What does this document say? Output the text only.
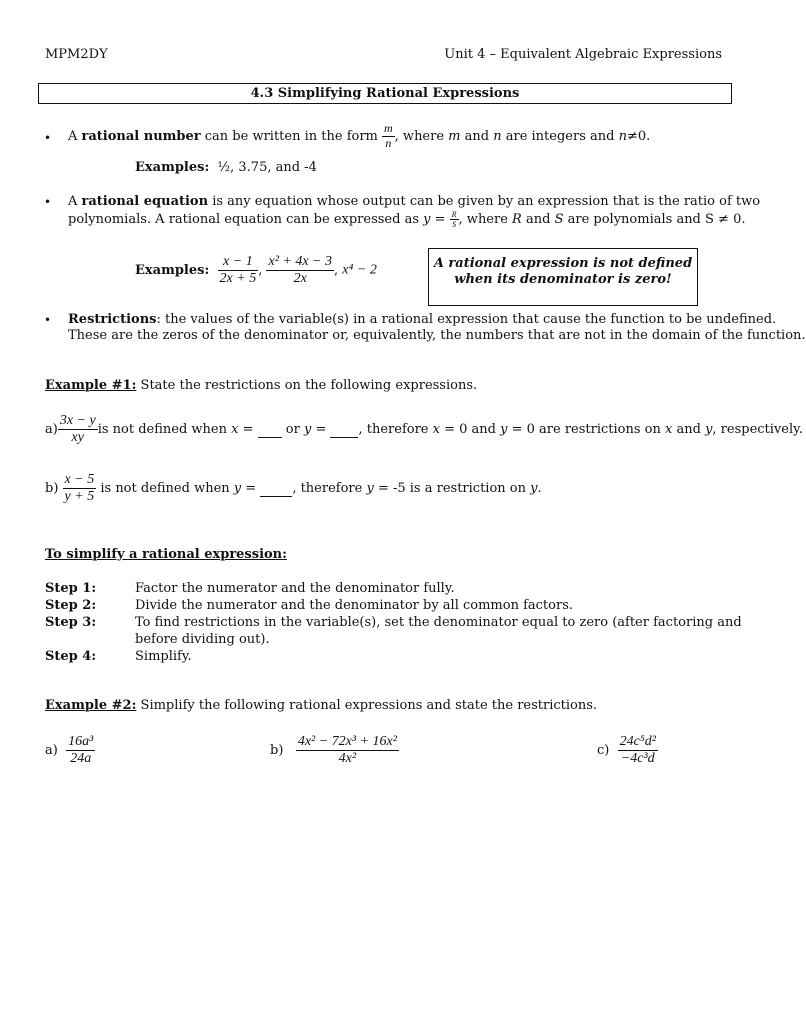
MPM2DY	Unit 4 – Equivalent Algebraic Expressions
4.3 Simplifying Rational Expressions
• A rational number can be written in the form $\frac{m}{n}$ , where m and n are integers and n≠0.
Examples: ½, 3.75, and -4
• A rational equation is any equation whose output can be given by an expression that is the ratio of two
polynomials. A rational equation can be expressed as $y = \frac{R}{S}$ , where R and S are polynomials and S ≠ 0.
Examples: $\frac{x - 1}{2x + 5}$ , $\frac{\text{x² + 4x − 3}}{2x}$ , x⁴ − 2	A rational expression is not defined
when its denominator is zero!
• Restrictions: the values of the variable(s) in a rational expression that cause the function to be undefined.
These are the zeros of the denominator or, equivalently, the numbers that are not in the domain of the function.
Example #1: State the restrictions on the following expressions.
$a) \frac{3x - y}{xy}$ is not defined when x =   or y =  , therefore x = 0 and y = 0 are restrictions on x and y, respectively.
$b) \frac{x - 5}{y + 5}$ is not defined when y =  , therefore y = -5 is a restriction on y.
To simplify a rational expression:
Step 1:	Factor the numerator and the denominator fully.
Step 2:	Divide the numerator and the denominator by all common factors.
Step 3:	To find restrictions in the variable(s), set the denominator equal to zero (after factoring and
before dividing out).
Step 4:	Simplify.
Example #2: Simplify the following rational expressions and state the restrictions.
$a) \frac{\text{16a³}}{24a}$	$b) \frac{\text{4x² − 72x³ + 16x²}}{\text{4x²}}$	$c) \frac{\text{24c⁵d²}}{\text{−4c³d}}$
